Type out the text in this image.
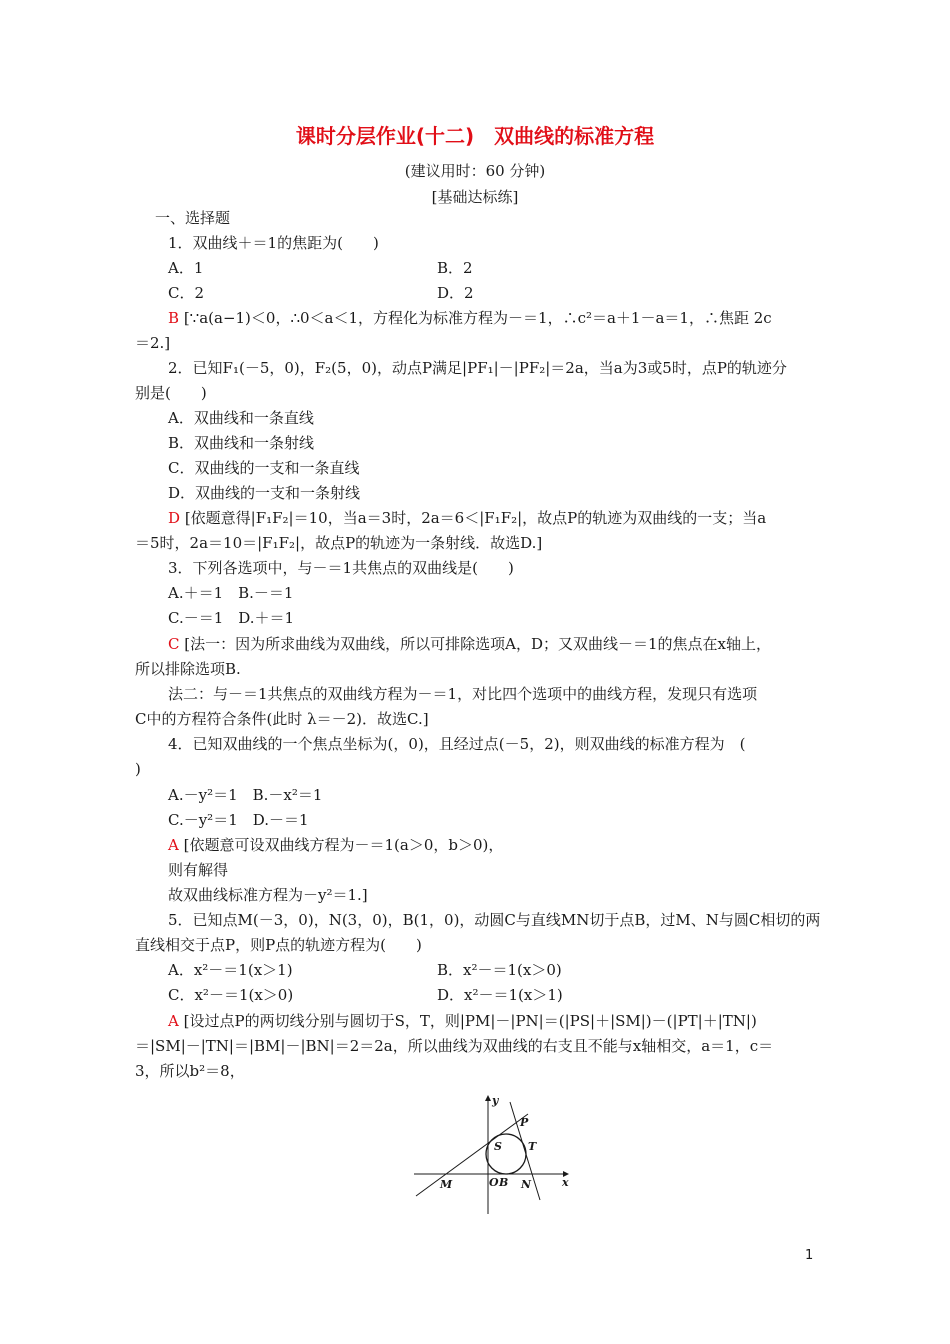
课时分层作业(十二)　双曲线的标准方程
(建议用时：60 分钟)
[基础达标练]
一、选择题
1．双曲线＋＝1的焦距为(　　)
A．1	B．2
C．2	D．2
B [∵a(a−1)＜0，∴0＜a＜1，方程化为标准方程为－＝1，∴c²＝a＋1－a＝1，∴焦距 2c
＝2.]
2．已知F₁(－5，0)，F₂(5，0)，动点P满足|PF₁|－|PF₂|＝2a，当a为3或5时，点P的轨迹分
别是(　　)
A．双曲线和一条直线
B．双曲线和一条射线
C．双曲线的一支和一条直线
D．双曲线的一支和一条射线
D [依题意得|F₁F₂|＝10，当a＝3时，2a＝6＜|F₁F₂|，故点P的轨迹为双曲线的一支；当a
＝5时，2a＝10＝|F₁F₂|，故点P的轨迹为一条射线．故选D.]
3．下列各选项中，与－＝1共焦点的双曲线是(　　)
A.＋＝1　B.－＝1
C.－＝1　D.＋＝1
C [法一：因为所求曲线为双曲线，所以可排除选项A，D；又双曲线－＝1的焦点在x轴上，
所以排除选项B.
法二：与－＝1共焦点的双曲线方程为－＝1，对比四个选项中的曲线方程，发现只有选项
C中的方程符合条件(此时 λ＝－2)．故选C.]
4．已知双曲线的一个焦点坐标为(，0)，且经过点(－5，2)，则双曲线的标准方程为　(
)
A.－y²＝1　B.－x²＝1
C.－y²＝1　D.－＝1
A [依题意可设双曲线方程为－＝1(a＞0，b＞0)，
则有解得
故双曲线标准方程为－y²＝1.]
5．已知点M(－3，0)，N(3，0)，B(1，0)，动圆C与直线MN切于点B，过M、N与圆C相切的两
直线相交于点P，则P点的轨迹方程为(　　)
A．x²－＝1(x＞1)	B．x²－＝1(x＞0)
C．x²－＝1(x＞0)	D．x²－＝1(x＞1)
A [设过点P的两切线分别与圆切于S，T，则|PM|－|PN|＝(|PS|＋|SM|)－(|PT|＋|TN|)
＝|SM|－|TN|＝|BM|－|BN|＝2＝2a，所以曲线为双曲线的右支且不能与x轴相交，a＝1，c＝
3，所以b²＝8，
y
x
P
S T
M	O B N
1
